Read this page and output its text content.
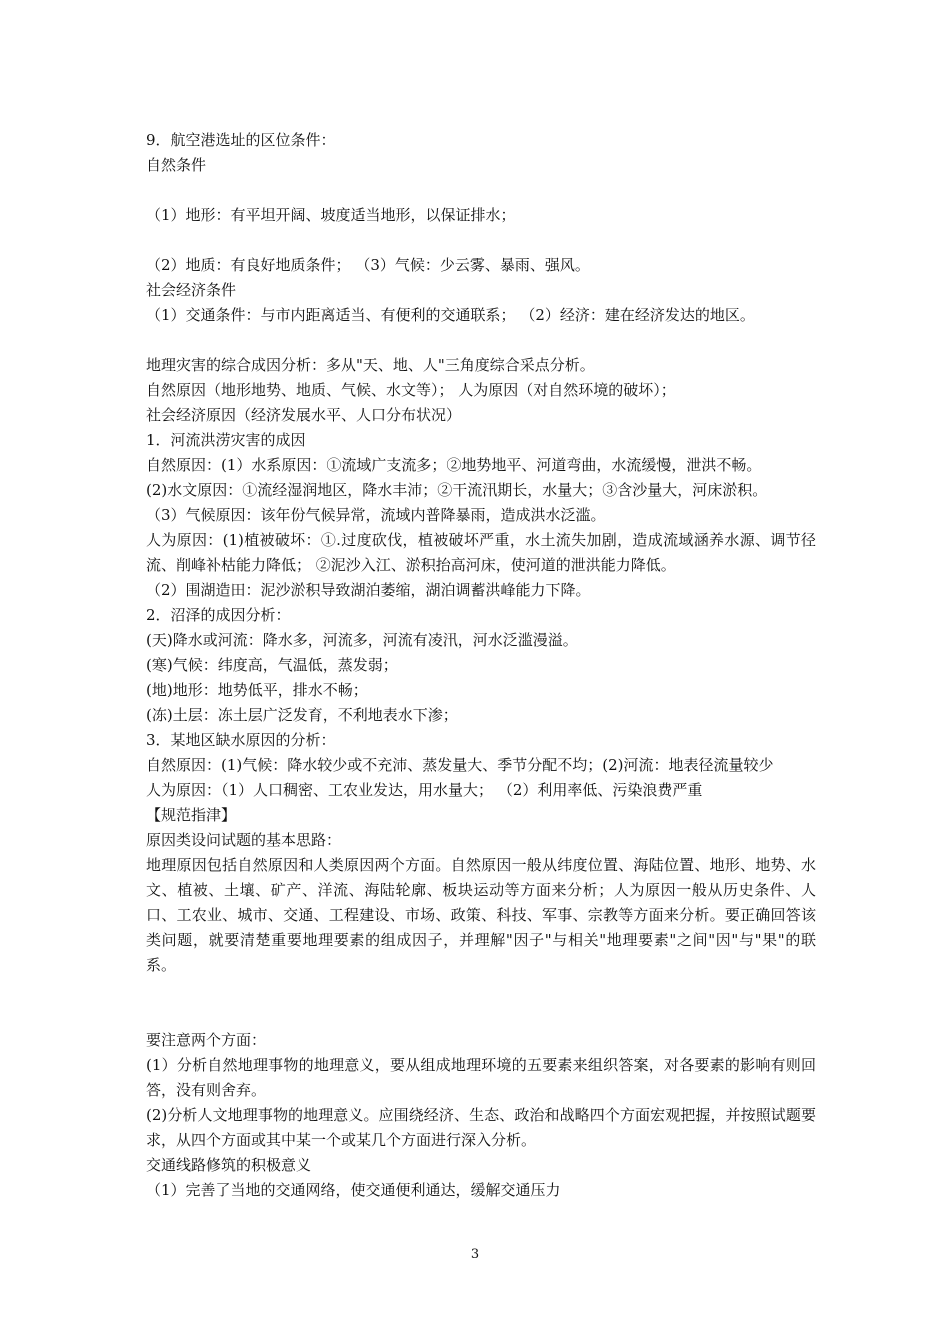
9．航空港选址的区位条件：

自然条件

（1）地形：有平坦开阔、坡度适当地形，以保证排水；

（2）地质：有良好地质条件； （3）气候：少云雾、暴雨、强风。

社会经济条件

（1）交通条件：与市内距离适当、有便利的交通联系； （2）经济：建在经济发达的地区。

地理灾害的综合成因分析：多从"天、地、人"三角度综合采点分析。

自然原因（地形地势、地质、气候、水文等）； 人为原因（对自然环境的破坏）；

社会经济原因（经济发展水平、人口分布状况）

1．河流洪涝灾害的成因

自然原因：(1）水系原因：①流域广支流多；②地势地平、河道弯曲，水流缓慢，泄洪不畅。

(2)水文原因：①流经湿润地区，降水丰沛；②干流汛期长，水量大；③含沙量大，河床淤积。

（3）气候原因：该年份气候异常，流域内普降暴雨，造成洪水泛滥。

人为原因：(1)植被破坏：①.过度砍伐，植被破坏严重，水土流失加剧，造成流域涵养水源、调节径流、削峰补枯能力降低； ②泥沙入江、淤积抬高河床，使河道的泄洪能力降低。

（2）围湖造田：泥沙淤积导致湖泊萎缩，湖泊调蓄洪峰能力下降。

2．沼泽的成因分析：

(天)降水或河流：降水多，河流多，河流有凌汛，河水泛滥漫溢。

(寒)气候：纬度高，气温低，蒸发弱；

(地)地形：地势低平，排水不畅；

(冻)土层：冻土层广泛发育，不利地表水下渗；

3．某地区缺水原因的分析：

自然原因：(1)气候：降水较少或不充沛、蒸发量大、季节分配不均；(2)河流：地表径流量较少

人为原因：（1）人口稠密、工农业发达，用水量大； （2）利用率低、污染浪费严重

【规范指津】

原因类设问试题的基本思路：

地理原因包括自然原因和人类原因两个方面。自然原因一般从纬度位置、海陆位置、地形、地势、水文、植被、土壤、矿产、洋流、海陆轮廓、板块运动等方面来分析；人为原因一般从历史条件、人口、工农业、城市、交通、工程建设、市场、政策、科技、军事、宗教等方面来分析。要正确回答该类问题，就要清楚重要地理要素的组成因子，并理解"因子"与相关"地理要素"之间"因"与"果"的联系。

要注意两个方面：

(1）分析自然地理事物的地理意义，要从组成地理环境的五要素来组织答案，对各要素的影响有则回答，没有则舍弃。

(2)分析人文地理事物的地理意义。应围绕经济、生态、政治和战略四个方面宏观把握，并按照试题要求，从四个方面或其中某一个或某几个方面进行深入分析。

交通线路修筑的积极意义

（1）完善了当地的交通网络，使交通便利通达，缓解交通压力

3
